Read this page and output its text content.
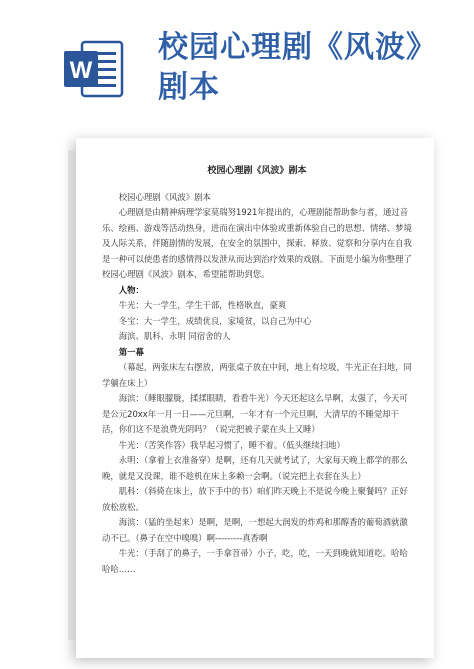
W
校园心理剧《风波》剧本
校园心理剧《风波》剧本

校园心理剧《风波》剧本

心理剧是由精神病理学家莫瑞努1921年提出的，心理剧能帮助参与者，通过音乐、绘画、游戏等活动热身，进而在演出中体验或重新体验自己的思想、情绪、梦境及人际关系，伴随剧情的发展，在安全的氛围中，探索、释放、觉察和分享内在自我是一种可以使患者的感情得以发泄从而达到治疗效果的戏剧。下面是小编为你整理了校园心理剧《风波》剧本，希望能帮助到您。

人物：

牛光：大一学生，学生干部，性格耿直，豪爽

冬宝：大一学生，成绩优良，家境贫，以自己为中心

海滨、肌科、永明 同宿舍的人

第一幕

（幕起，两张床左右摆放，两张桌子放在中间，地上有垃圾，牛光正在扫地，同学躺在床上）

海滨：（睡眼朦胧，揉揉眼睛，看看牛光）今天还起这么早啊，太强了，今天可是公元20xx年一月一日——元旦啊，一年才有一个元旦啊，大清早的不睡觉却干活，你们这不是浪费光阴吗？（说完把被子蒙在头上又睡）

牛光：（苦笑作答）我早起习惯了，睡不着。（低头继续扫地）

永明：（拿着上衣准备穿）是啊，还有几天就考试了，大家每天晚上都学的那么晚，就是又没课，谁不趁机在床上多赖一会啊。（说完把上衣套在头上）

肌科：（斜倚在床上，放下手中的书）咱们昨天晚上不是说今晚上聚餐吗？正好放松放松。

海滨：（猛的坐起来）是啊，是啊，一想起大润发的炸鸡和那醇香的葡萄酒就激动不已。（鼻子在空中嗅嗅）啊---------真香啊

牛光：（手刮了的鼻子，一手拿苕帚）小子，吃，吃，一天到晚就知道吃。哈哈哈哈……
